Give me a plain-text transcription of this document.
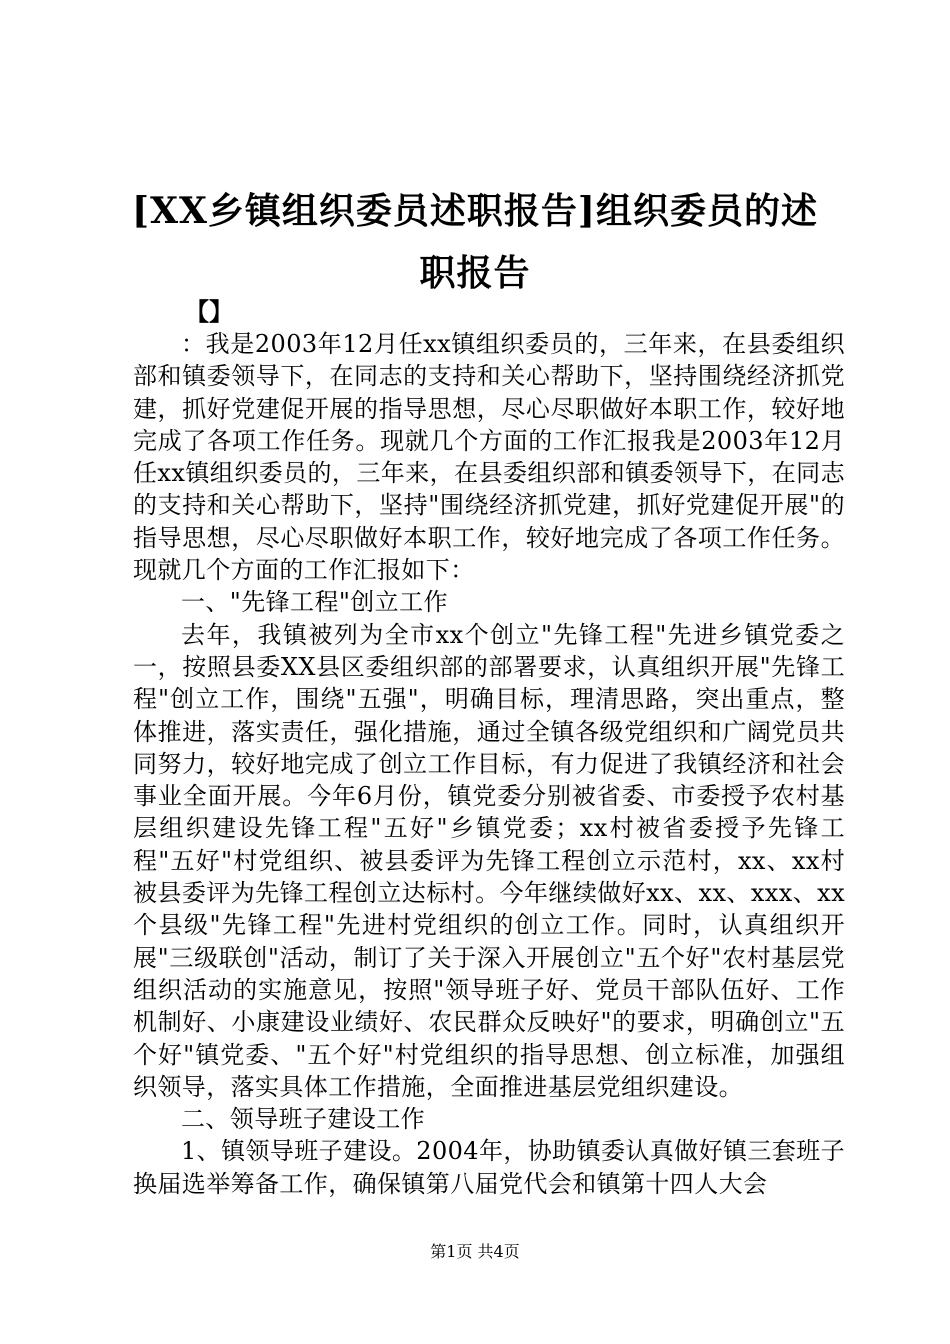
[XX乡镇组织委员述职报告]组织委员的述职报告
【】

：我是2003年12月任xx镇组织委员的，三年来，在县委组织部和镇委领导下，在同志的支持和关心帮助下，坚持围绕经济抓党建，抓好党建促开展的指导思想，尽心尽职做好本职工作，较好地完成了各项工作任务。现就几个方面的工作汇报我是2003年12月任xx镇组织委员的，三年来，在县委组织部和镇委领导下，在同志的支持和关心帮助下，坚持"围绕经济抓党建，抓好党建促开展"的指导思想，尽心尽职做好本职工作，较好地完成了各项工作任务。现就几个方面的工作汇报如下：

一、"先锋工程"创立工作

去年，我镇被列为全市xx个创立"先锋工程"先进乡镇党委之一，按照县委XX县区委组织部的部署要求，认真组织开展"先锋工程"创立工作，围绕"五强"，明确目标，理清思路，突出重点，整体推进，落实责任，强化措施，通过全镇各级党组织和广阔党员共同努力，较好地完成了创立工作目标，有力促进了我镇经济和社会事业全面开展。今年6月份，镇党委分别被省委、市委授予农村基层组织建设先锋工程"五好"乡镇党委；xx村被省委授予先锋工程"五好"村党组织、被县委评为先锋工程创立示范村，xx、xx村被县委评为先锋工程创立达标村。今年继续做好xx、xx、xxx、xx个县级"先锋工程"先进村党组织的创立工作。同时，认真组织开展"三级联创"活动，制订了关于深入开展创立"五个好"农村基层党组织活动的实施意见，按照"领导班子好、党员干部队伍好、工作机制好、小康建设业绩好、农民群众反映好"的要求，明确创立"五个好"镇党委、"五个好"村党组织的指导思想、创立标准，加强组织领导，落实具体工作措施，全面推进基层党组织建设。

二、领导班子建设工作

1、镇领导班子建设。2004年，协助镇委认真做好镇三套班子换届选举筹备工作，确保镇第八届党代会和镇第十四人大会

第1页 共4页
